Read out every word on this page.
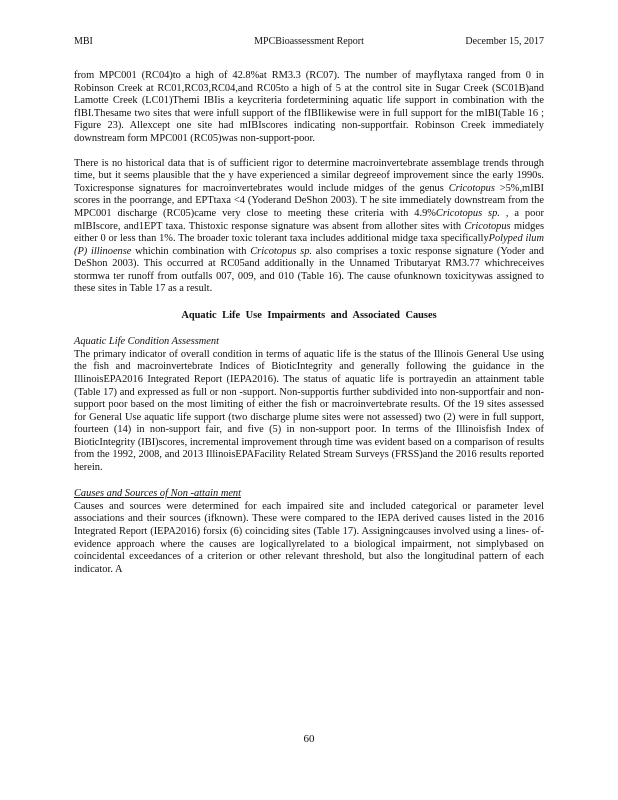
MBI	MPCBioassessment Report	December 15, 2017

from MPC001 (RC04)to a high of 42.8%at RM3.3 (RC07). The number of mayflytaxa ranged from 0 in Robinson Creek at RC01,RC03,RC04,and RC05to a high of 5 at the control site in Sugar Creek (SC01B)and Lamotte Creek (LC01)Themi IBIis a keycriteria fordetermining aquatic life support in combination with the fIBI.Thesame two sites that were infull support of the fIBIlikewise were in full support for the mIBI(Table 16 ; Figure 23). Allexcept one site had mIBIscores indicating non-supportfair. Robinson Creek immediately downstream form MPC001 (RC05)was non-support-poor.

There is no historical data that is of sufficient rigor to determine macroinvertebrate assemblage trends through time, but it seems plausible that the y have experienced a similar degreeof improvement since the early 1990s. Toxicresponse signatures for macroinvertebrates would include midges of the genus Cricotopus >5%,mIBI scores in the poorrange, and EPTtaxa <4 (Yoderand DeShon 2003). T he site immediately downstream from the MPC001 discharge (RC05)came very close to meeting these criteria with 4.9%Cricotopus sp. , a poor mIBIscore, and1EPT taxa. Thistoxic response signature was absent from allother sites with Cricotopus midges either 0 or less than 1%. The broader toxic tolerant taxa includes additional midge taxa specificallyPolyped ilum (P) illinoense whichin combination with Cricotopus sp. also comprises a toxic response signature (Yoder and DeShon 2003). This occurred at RC05and additionally in the Unnamed Tributaryat RM3.77 whichreceives stormwa ter runoff from outfalls 007, 009, and 010 (Table 16). The cause ofunknown toxicitywas assigned to these sites in Table 17 as a result.

Aquatic Life Use Impairments and Associated Causes
Aquatic Life Condition Assessment

The primary indicator of overall condition in terms of aquatic life is the status of the Illinois General Use using the fish and macroinvertebrate Indices of BioticIntegrity and generally following the guidance in the IllinoisEPA2016 Integrated Report (IEPA2016). The status of aquatic life is portrayedin an attainment table (Table 17) and expressed as full or non -support. Non-supportis further subdivided into non-supportfair and non-support poor based on the most limiting of either the fish or macroinvertebrate results. Of the 19 sites assessed for General Use aquatic life support (two discharge plume sites were not assessed) two (2) were in full support, fourteen (14) in non-support fair, and five (5) in non-support poor. In terms of the Illinoisfish Index of BioticIntegrity (IBI)scores, incremental improvement through time was evident based on a comparison of results from the 1992, 2008, and 2013 IllinoisEPAFacility Related Stream Surveys (FRSS)and the 2016 results reported herein.

Causes and Sources of Non -attain ment

Causes and sources were determined for each impaired site and included categorical or parameter level associations and their sources (ifknown). These were compared to the IEPA derived causes listed in the 2016 Integrated Report (IEPA2016) forsix (6) coinciding sites (Table 17). Assigningcauses involved using a lines- of-evidence approach where the causes are logicallyrelated to a biological impairment, not simplybased on coincidental exceedances of a criterion or other relevant threshold, but also the longitudinal pattern of each indicator. A

60
